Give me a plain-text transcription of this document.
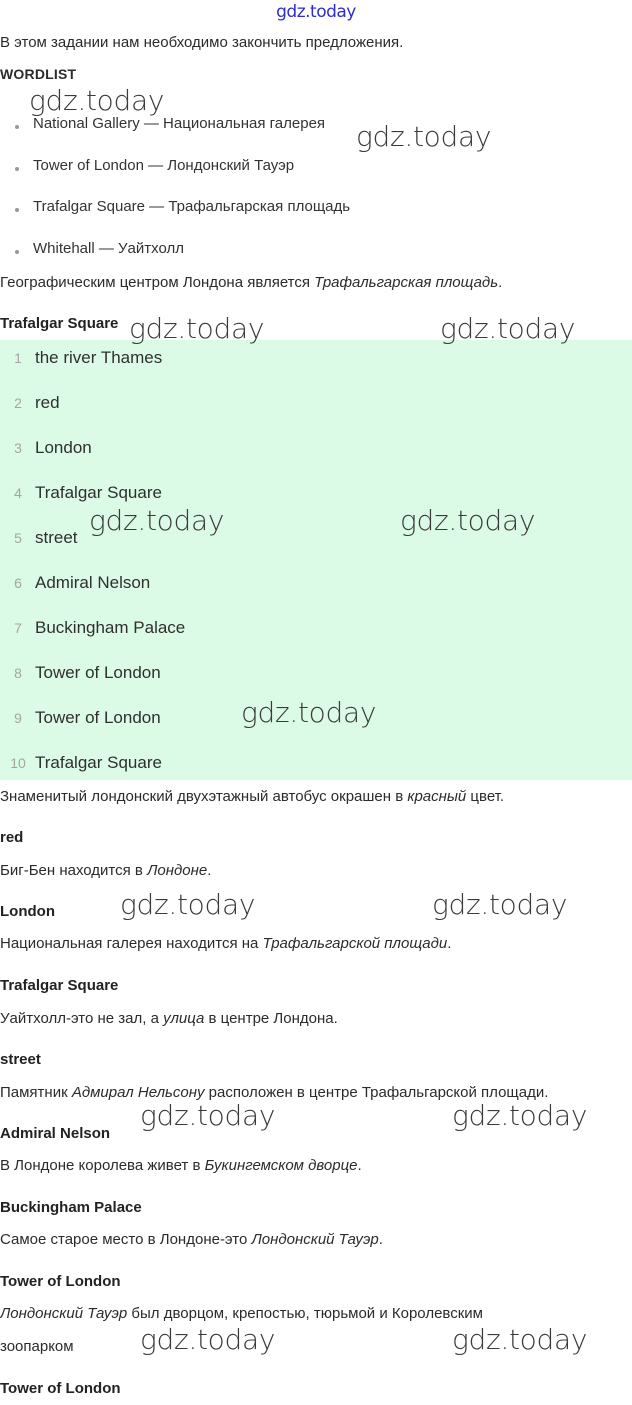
gdz.today
В этом задании нам необходимо закончить предложения.
WORDLIST
National Gallery — Национальная галерея
Tower of London — Лондонский Тауэр
Trafalgar Square — Трафальгарская площадь
Whitehall — Уайтхолл
Географическим центром Лондона является Трафальгарская площадь.
Trafalgar Square
1 the river Thames
2 red
3 London
4 Trafalgar Square
5 street
6 Admiral Nelson
7 Buckingham Palace
8 Tower of London
9 Tower of London
10 Trafalgar Square
Знаменитый лондонский двухэтажный автобус окрашен в красный цвет.
red
Биг-Бен находится в Лондоне.
London
Национальная галерея находится на Трафальгарской площади.
Trafalgar Square
Уайтхолл-это не зал, а улица в центре Лондона.
street
Памятник Адмирал Нельсону расположен в центре Трафальгарской площади.
Admiral Nelson
В Лондоне королева живет в Букингемском дворце.
Buckingham Palace
Самое старое место в Лондоне-это Лондонский Тауэр.
Tower of London
Лондонский Тауэр был дворцом, крепостью, тюрьмой и Королевским
зоопарком
Tower of London
gdz.today
gdz.today
gdz.today	gdz.today
gdz.today	gdz.today
gdz.today
gdz.today	gdz.today
gdz.today	gdz.today
gdz.today	gdz.today
